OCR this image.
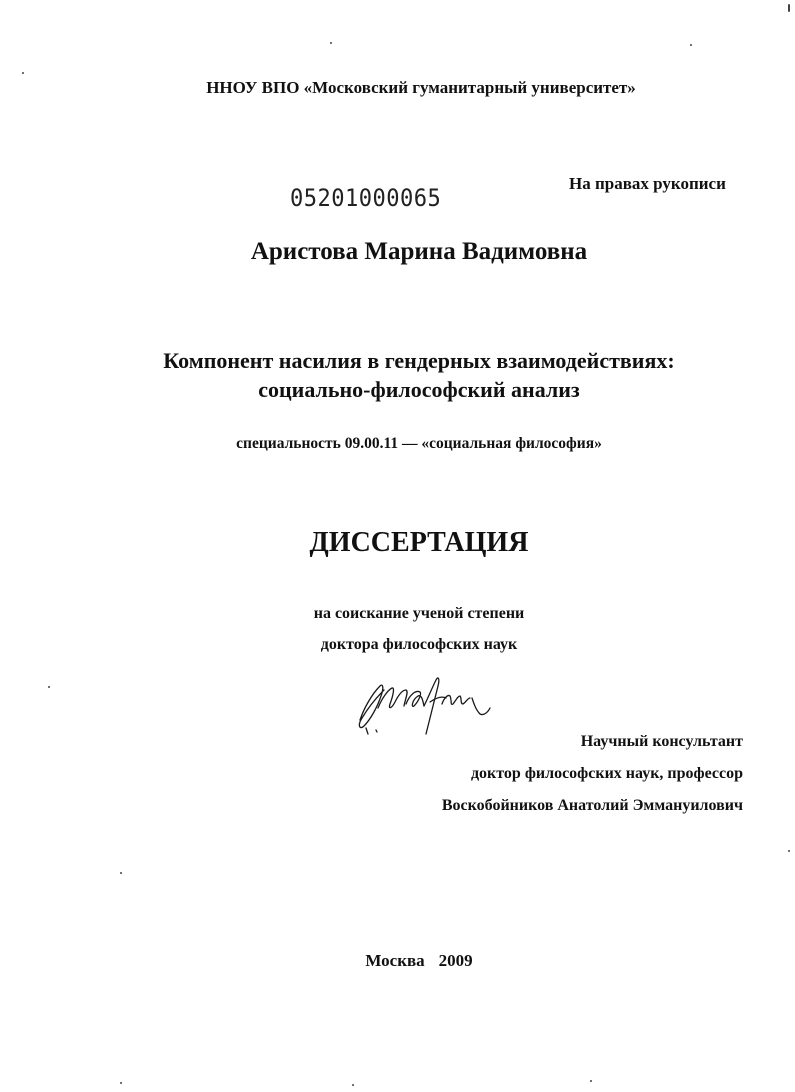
ННОУ ВПО «Московский гуманитарный университет»
На правах рукописи
05201000065
Аристова Марина Вадимовна
Компонент насилия в гендерных взаимодействиях:
социально-философский анализ
специальность 09.00.11 — «социальная философия»
ДИССЕРТАЦИЯ
на соискание ученой степени
доктора философских наук
Научный консультант
доктор философских наук, профессор
Воскобойников Анатолий Эммануилович
Москва 2009
